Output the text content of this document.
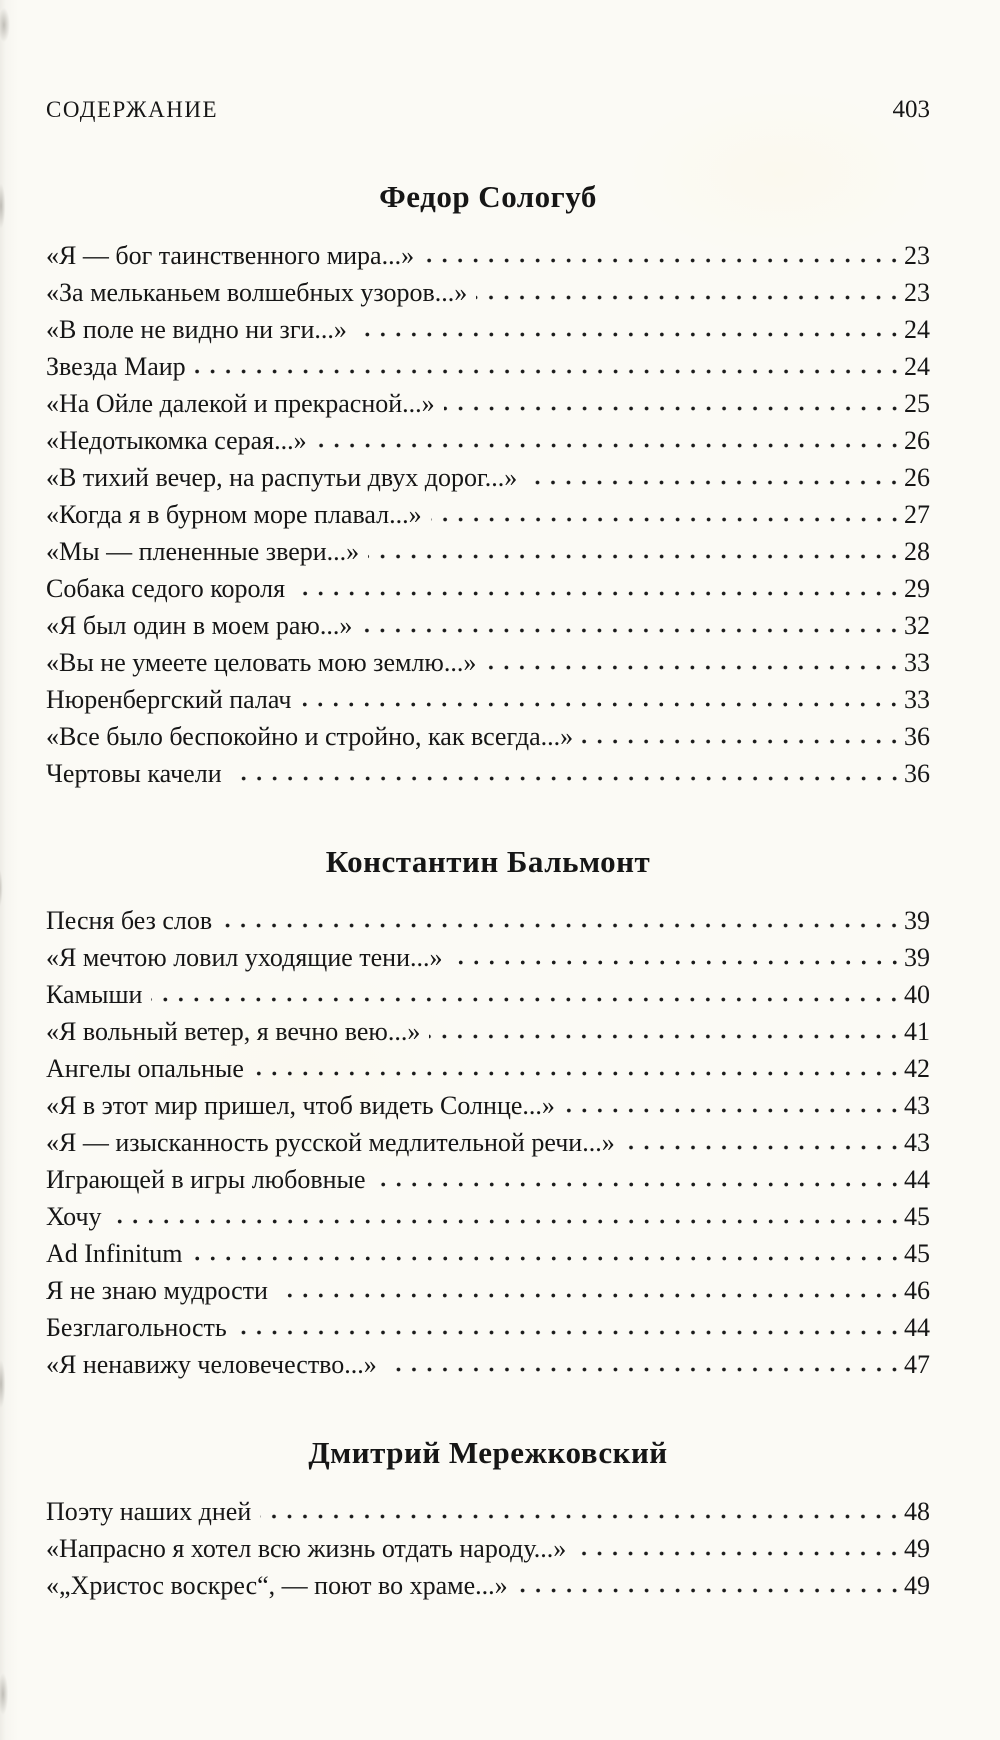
СОДЕРЖАНИЕ	403
Федор Сологуб
«Я — бог таинственного мира...»	23
«За мельканьем волшебных узоров...»	23
«В поле не видно ни зги...»	24
Звезда Маир	24
«На Ойле далекой и прекрасной...»	25
«Недотыкомка серая...»	26
«В тихий вечер, на распутьи двух дорог...»	26
«Когда я в бурном море плавал...»	27
«Мы — плененные звери...»	28
Собака седого короля	29
«Я был один в моем раю...»	32
«Вы не умеете целовать мою землю...»	33
Нюренбергский палач	33
«Все было беспокойно и стройно, как всегда...»	36
Чертовы качели	36
Константин Бальмонт
Песня без слов	39
«Я мечтою ловил уходящие тени...»	39
Камыши	40
«Я вольный ветер, я вечно вею...»	41
Ангелы опальные	42
«Я в этот мир пришел, чтоб видеть Солнце...»	43
«Я — изысканность русской медлительной речи...»	43
Играющей в игры любовные	44
Хочу	45
Ad Infinitum	45
Я не знаю мудрости	46
Безглагольность	44
«Я ненавижу человечество...»	47
Дмитрий Мережковский
Поэту наших дней	48
«Напрасно я хотел всю жизнь отдать народу...»	49
«„Христос воскрес“, — поют во храме...»	49
